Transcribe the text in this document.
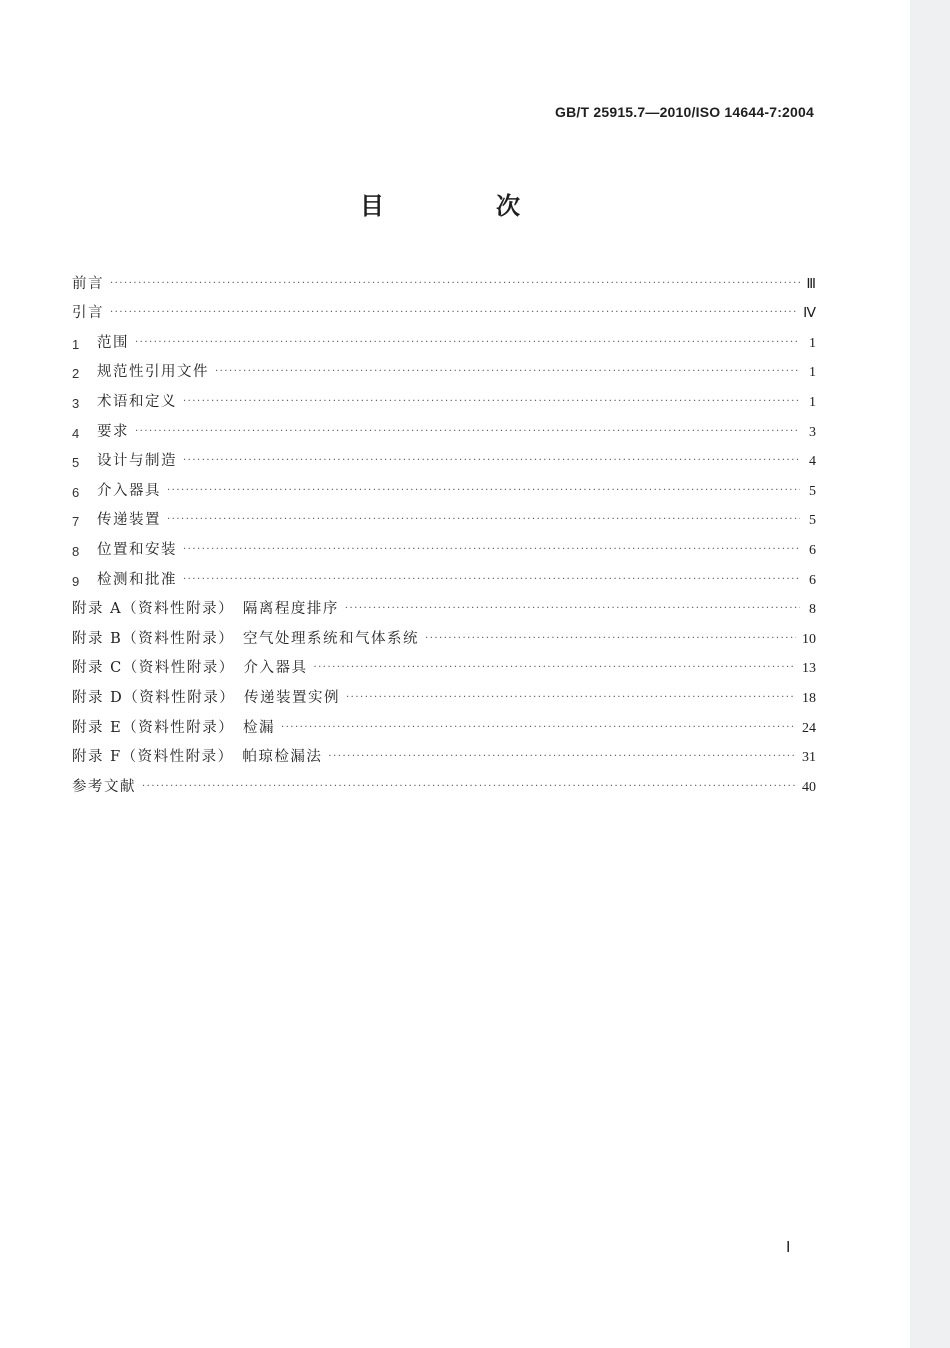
GB/T 25915.7—2010/ISO 14644-7:2004
目　次
前言 ·····	Ⅲ
引言 ·····	Ⅳ
1	范围 ·····	1
2	规范性引用文件 ·····	1
3	术语和定义 ·····	1
4	要求 ·····	3
5	设计与制造 ·····	4
6	介入器具 ·····	5
7	传递装置 ·····	5
8	位置和安装 ·····	6
9	检测和批准 ·····	6
附录 A（资料性附录）　隔离程度排序 ·····	8
附录 B（资料性附录）　空气处理系统和气体系统 ·····	10
附录 C（资料性附录）　介入器具 ·····	13
附录 D（资料性附录）　传递装置实例 ·····	18
附录 E（资料性附录）　检漏 ·····	24
附录 F（资料性附录）　帕琼检漏法 ·····	31
参考文献 ·····	40
Ⅰ
